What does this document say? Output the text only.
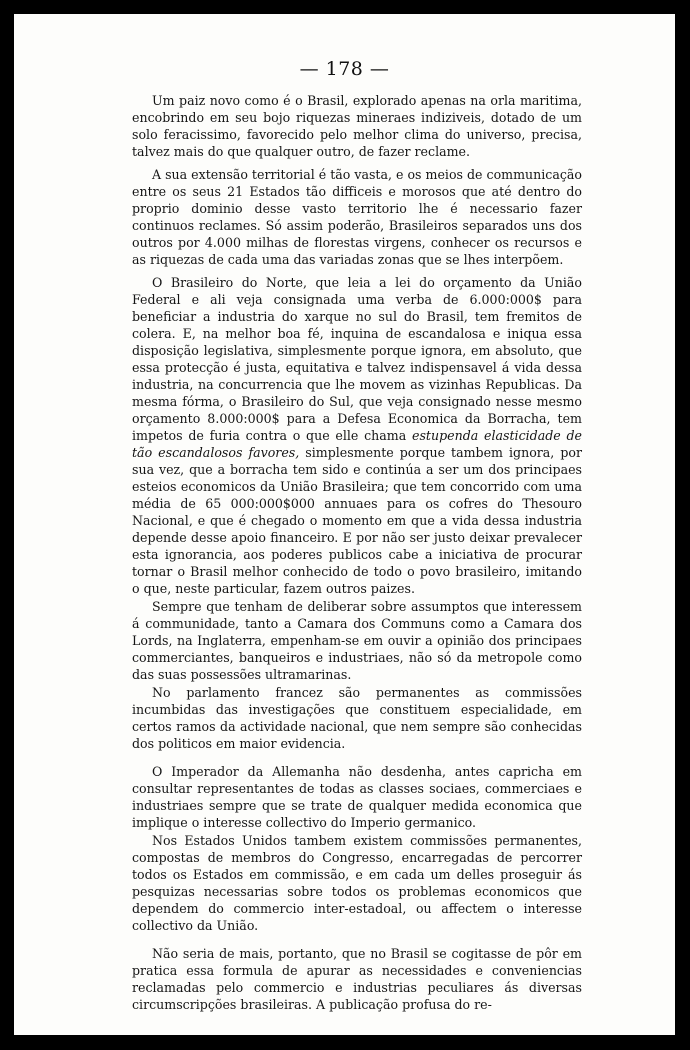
— 178 —

Um paiz novo como é o Brasil, explorado apenas na orla maritima, encobrindo em seu bojo riquezas mineraes indiziveis, dotado de um solo feracissimo, favorecido pelo melhor clima do universo, precisa, talvez mais do que qualquer outro, de fazer reclame.

A sua extensão territorial é tão vasta, e os meios de communicação entre os seus 21 Estados tão difficeis e morosos que até dentro do proprio dominio desse vasto territorio lhe é necessario fazer continuos reclames. Só assim poderão, Brasileiros separados uns dos outros por 4.000 milhas de florestas virgens, conhecer os recursos e as riquezas de cada uma das variadas zonas que se lhes interpõem.

O Brasileiro do Norte, que leia a lei do orçamento da União Federal e ali veja consignada uma verba de 6.000:000$ para beneficiar a industria do xarque no sul do Brasil, tem fremitos de colera. E, na melhor boa fé, inquina de escandalosa e iniqua essa disposição legislativa, simplesmente porque ignora, em absoluto, que essa protecção é justa, equitativa e talvez indispensavel á vida dessa industria, na concurrencia que lhe movem as vizinhas Republicas. Da mesma fórma, o Brasileiro do Sul, que veja consignado nesse mesmo orçamento 8.000:000$ para a Defesa Economica da Borracha, tem impetos de furia contra o que elle chama estupenda elasticidade de tão escandalosos favores, simplesmente porque tambem ignora, por sua vez, que a borracha tem sido e continúa a ser um dos principaes esteios economicos da União Brasileira; que tem concorrido com uma média de 65 000:000$000 annuaes para os cofres do Thesouro Nacional, e que é chegado o momento em que a vida dessa industria depende desse apoio financeiro. E por não ser justo deixar prevalecer esta ignorancia, aos poderes publicos cabe a iniciativa de procurar tornar o Brasil melhor conhecido de todo o povo brasileiro, imitando o que, neste particular, fazem outros paizes.

Sempre que tenham de deliberar sobre assumptos que interessem á communidade, tanto a Camara dos Communs como a Camara dos Lords, na Inglaterra, empenham-se em ouvir a opinião dos principaes commerciantes, banqueiros e industriaes, não só da metropole como das suas possessões ultramarinas.

No parlamento francez são permanentes as commissões incumbidas das investigações que constituem especialidade, em certos ramos da actividade nacional, que nem sempre são conhecidas dos politicos em maior evidencia.

O Imperador da Allemanha não desdenha, antes capricha em consultar representantes de todas as classes sociaes, commerciaes e industriaes sempre que se trate de qualquer medida economica que implique o interesse collectivo do Imperio germanico.

Nos Estados Unidos tambem existem commissões permanentes, compostas de membros do Congresso, encarregadas de percorrer todos os Estados em commissão, e em cada um delles proseguir ás pesquizas necessarias sobre todos os problemas economicos que dependem do commercio inter-estadoal, ou affectem o interesse collectivo da União.

Não seria de mais, portanto, que no Brasil se cogitasse de pôr em pratica essa formula de apurar as necessidades e conveniencias reclamadas pelo commercio e industrias peculiares ás diversas circumscripções brasileiras. A publicação profusa do re-
